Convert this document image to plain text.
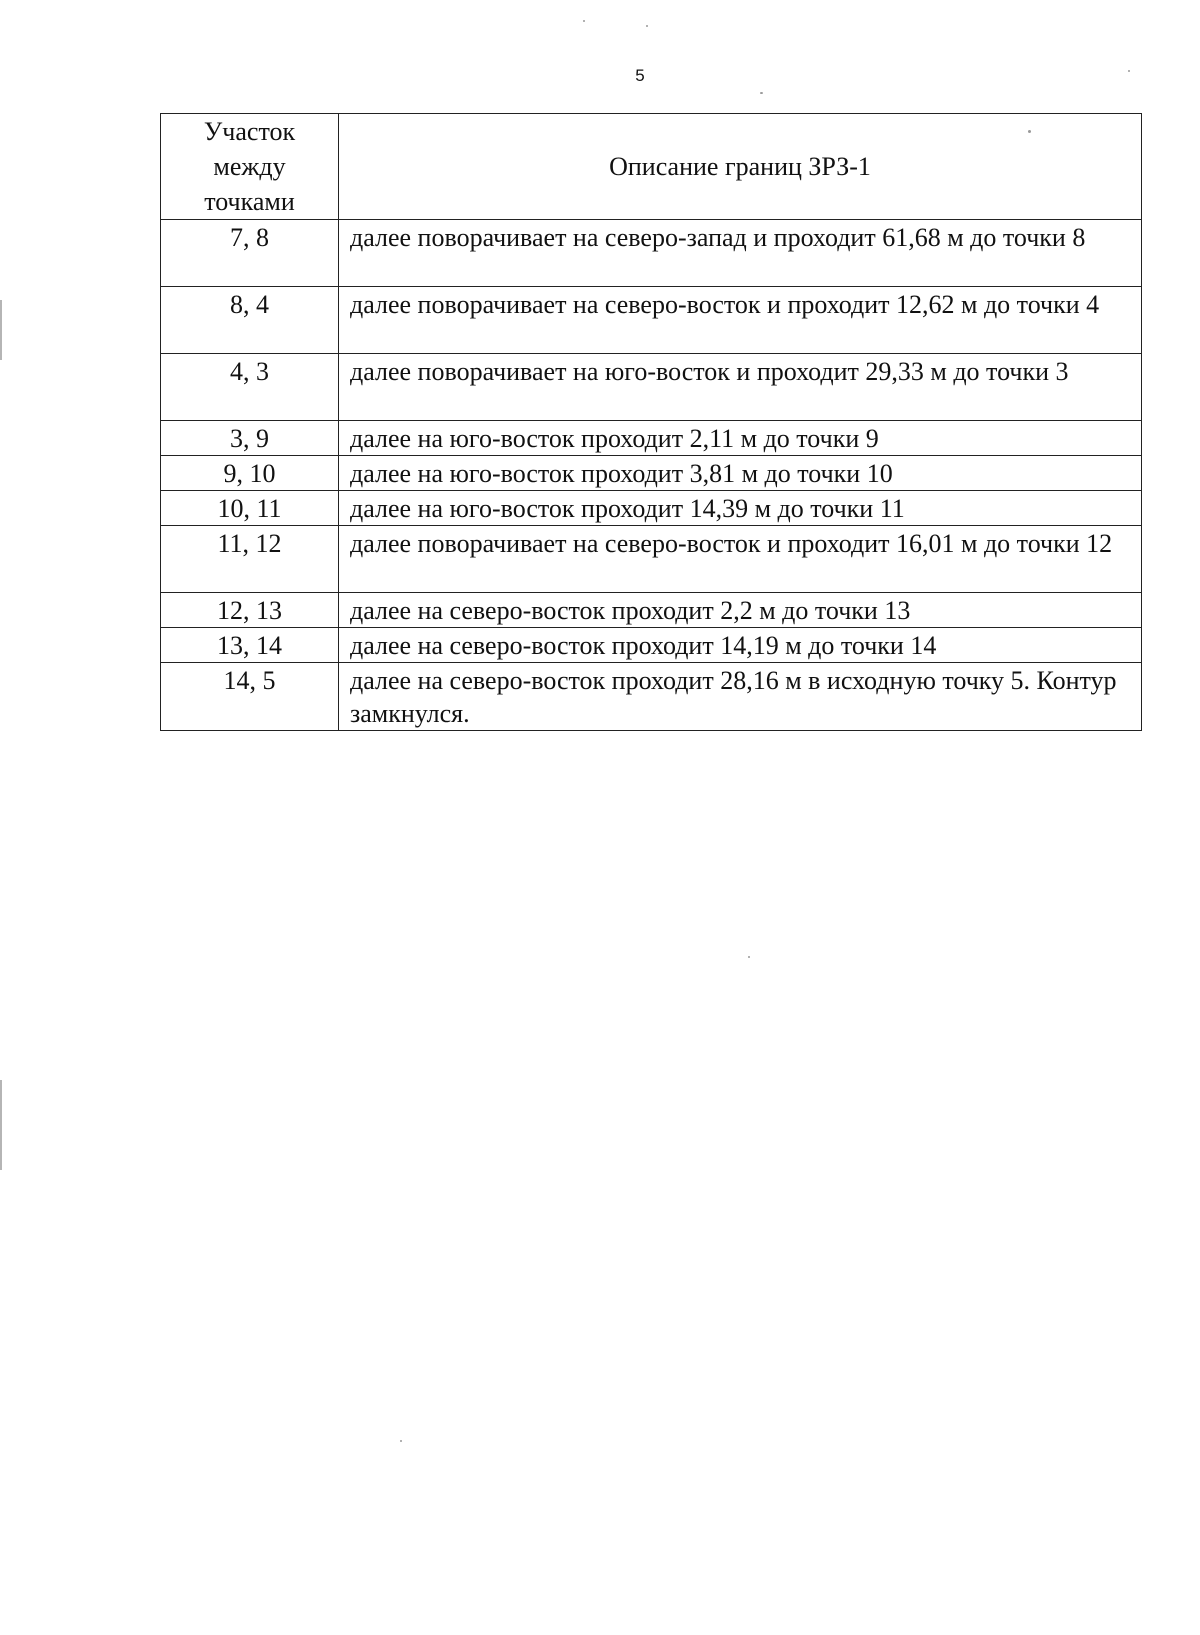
5
Участок
между
точками	Описание границ ЗРЗ-1
7, 8	далее поворачивает на северо-запад и проходит 61,68 м до точки 8
8, 4	далее поворачивает на северо-восток и проходит 12,62 м до точки 4
4, 3	далее поворачивает на юго-восток и проходит 29,33 м до точки 3
3, 9	далее на юго-восток проходит 2,11 м до точки 9
9, 10	далее на юго-восток проходит 3,81 м до точки 10
10, 11	далее на юго-восток проходит 14,39 м до точки 11
11, 12	далее поворачивает на северо-восток и проходит 16,01 м до точки 12
12, 13	далее на северо-восток проходит 2,2 м до точки 13
13, 14	далее на северо-восток проходит 14,19 м до точки 14
14, 5	далее на северо-восток проходит 28,16 м в исходную точку 5. Контур замкнулся.
